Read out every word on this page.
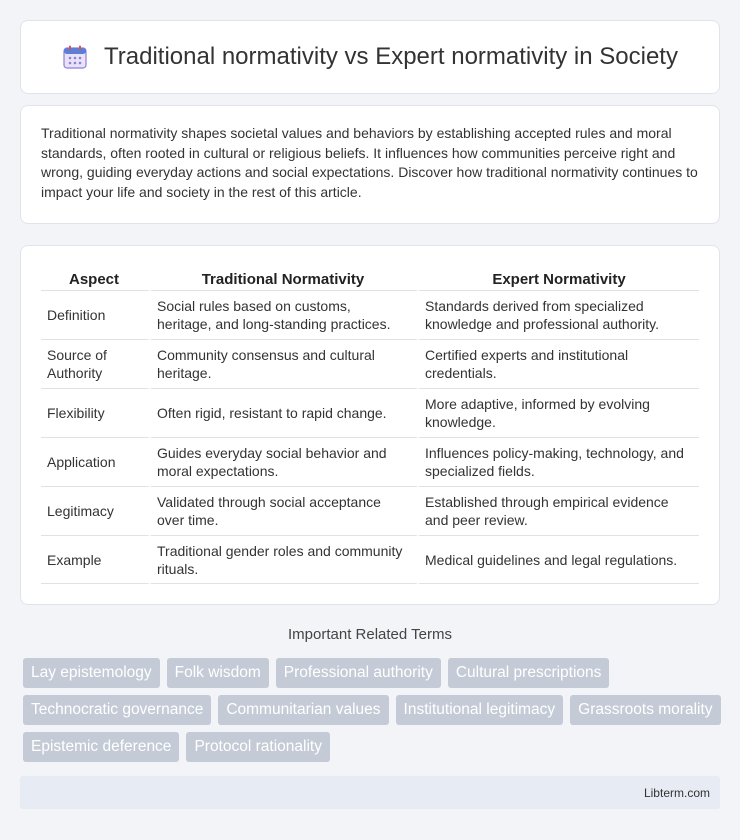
Traditional normativity vs Expert normativity in Society

Traditional normativity shapes societal values and behaviors by establishing accepted rules and moral standards, often rooted in cultural or religious beliefs. It influences how communities perceive right and wrong, guiding everyday actions and social expectations. Discover how traditional normativity continues to impact your life and society in the rest of this article.

Aspect	Traditional Normativity	Expert Normativity
Definition	Social rules based on customs, heritage, and long-standing practices.	Standards derived from specialized knowledge and professional authority.
Source of Authority	Community consensus and cultural heritage.	Certified experts and institutional credentials.
Flexibility	Often rigid, resistant to rapid change.	More adaptive, informed by evolving knowledge.
Application	Guides everyday social behavior and moral expectations.	Influences policy-making, technology, and specialized fields.
Legitimacy	Validated through social acceptance over time.	Established through empirical evidence and peer review.
Example	Traditional gender roles and community rituals.	Medical guidelines and legal regulations.
Important Related Terms
Lay epistemology	Folk wisdom	Professional authority	Cultural prescriptions
Technocratic governance	Communitarian values	Institutional legitimacy	Grassroots morality
Epistemic deference	Protocol rationality
Libterm.com
